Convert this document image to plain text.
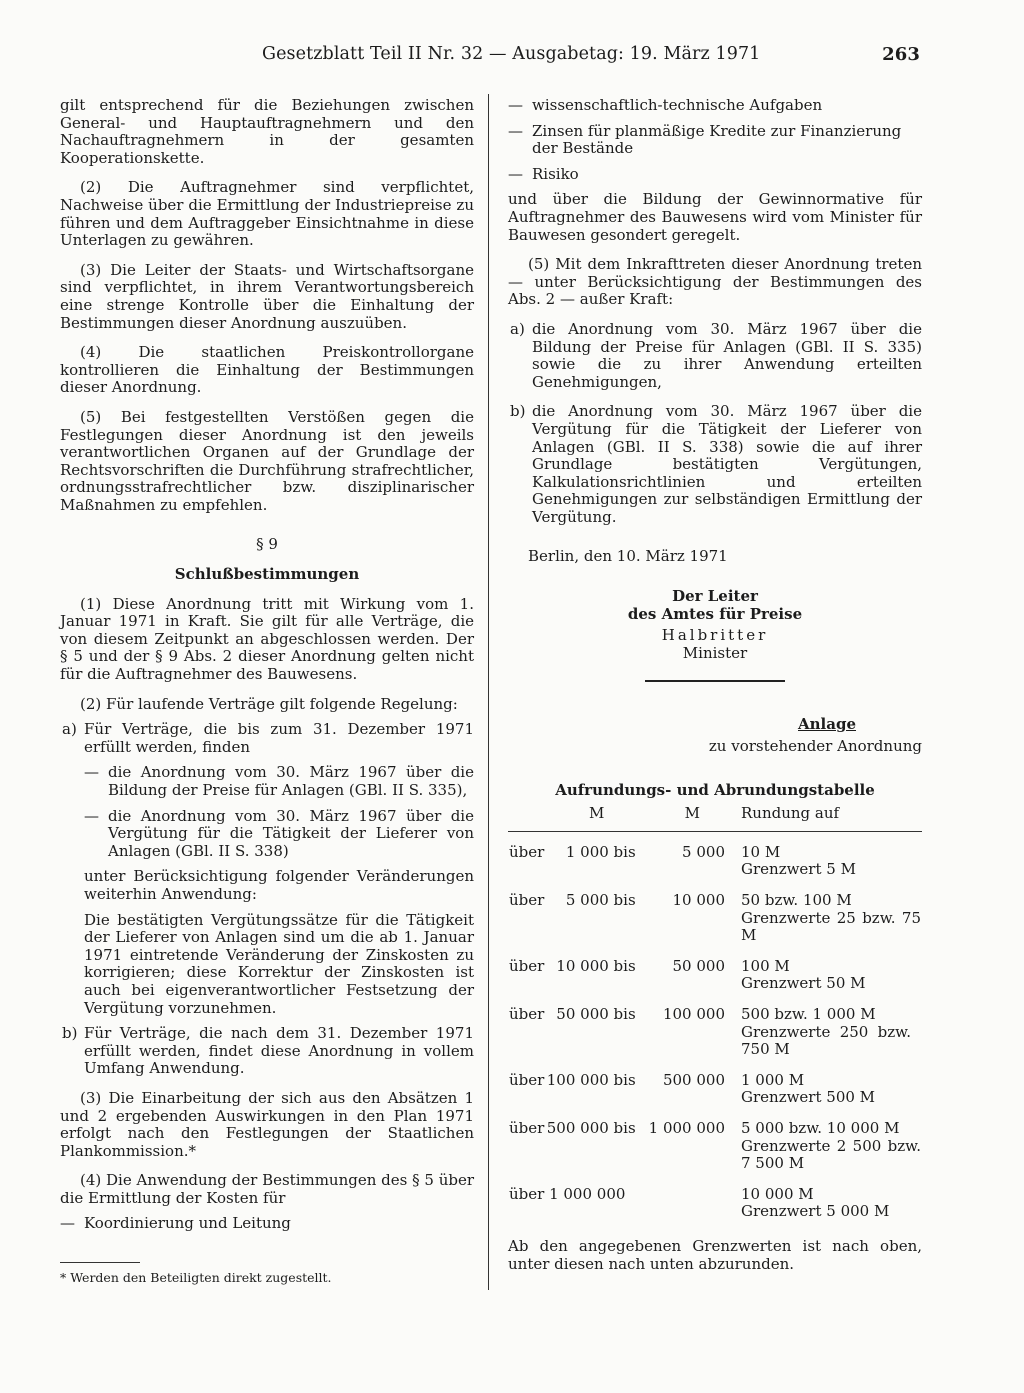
Gesetzblatt Teil II Nr. 32 — Ausgabetag: 19. März 1971	263

gilt entsprechend für die Beziehungen zwischen General- und Hauptauftragnehmern und den Nachauftragnehmern in der gesamten Kooperationskette.

(2) Die Auftragnehmer sind verpflichtet, Nachweise über die Ermittlung der Industriepreise zu führen und dem Auftraggeber Einsichtnahme in diese Unterlagen zu gewähren.

(3) Die Leiter der Staats- und Wirtschaftsorgane sind verpflichtet, in ihrem Verantwortungsbereich eine strenge Kontrolle über die Einhaltung der Bestimmungen dieser Anordnung auszuüben.

(4) Die staatlichen Preiskontrollorgane kontrollieren die Einhaltung der Bestimmungen dieser Anordnung.

(5) Bei festgestellten Verstößen gegen die Festlegungen dieser Anordnung ist den jeweils verantwortlichen Organen auf der Grundlage der Rechtsvorschriften die Durchführung strafrechtlicher, ordnungsstrafrechtlicher bzw. disziplinarischer Maßnahmen zu empfehlen.

§ 9

Schlußbestimmungen

(1) Diese Anordnung tritt mit Wirkung vom 1. Januar 1971 in Kraft. Sie gilt für alle Verträge, die von diesem Zeitpunkt an abgeschlossen werden. Der § 5 und der § 9 Abs. 2 dieser Anordnung gelten nicht für die Auftragnehmer des Bauwesens.

(2) Für laufende Verträge gilt folgende Regelung:

a) Für Verträge, die bis zum 31. Dezember 1971 erfüllt werden, finden
— die Anordnung vom 30. März 1967 über die Bildung der Preise für Anlagen (GBl. II S. 335),
— die Anordnung vom 30. März 1967 über die Vergütung für die Tätigkeit der Lieferer von Anlagen (GBl. II S. 338)

unter Berücksichtigung folgender Veränderungen weiterhin Anwendung:

Die bestätigten Vergütungssätze für die Tätigkeit der Lieferer von Anlagen sind um die ab 1. Januar 1971 eintretende Veränderung der Zinskosten zu korrigieren; diese Korrektur der Zinskosten ist auch bei eigenverantwortlicher Festsetzung der Vergütung vorzunehmen.

b) Für Verträge, die nach dem 31. Dezember 1971 erfüllt werden, findet diese Anordnung in vollem Umfang Anwendung.

(3) Die Einarbeitung der sich aus den Absätzen 1 und 2 ergebenden Auswirkungen in den Plan 1971 erfolgt nach den Festlegungen der Staatlichen Plankommission.*

(4) Die Anwendung der Bestimmungen des § 5 über die Ermittlung der Kosten für

— Koordinierung und Leitung
* Werden den Beteiligten direkt zugestellt.
— wissenschaftlich-technische Aufgaben
— Zinsen für planmäßige Kredite zur Finanzierung der Bestände
— Risiko

und über die Bildung der Gewinnormative für Auftragnehmer des Bauwesens wird vom Minister für Bauwesen gesondert geregelt.

(5) Mit dem Inkrafttreten dieser Anordnung treten — unter Berücksichtigung der Bestimmungen des Abs. 2 — außer Kraft:

a) die Anordnung vom 30. März 1967 über die Bildung der Preise für Anlagen (GBl. II S. 335) sowie die zu ihrer Anwendung erteilten Genehmigungen,
b) die Anordnung vom 30. März 1967 über die Vergütung für die Tätigkeit der Lieferer von Anlagen (GBl. II S. 338) sowie die auf ihrer Grundlage bestätigten Vergütungen, Kalkulationsrichtlinien und erteilten Genehmigungen zur selbständigen Ermittlung der Vergütung.

Berlin, den 10. März 1971

Der Leiter

des Amtes für Preise

Halbritter

Minister

Anlage

zu vorstehender Anordnung

Aufrundungs- und Abrundungstabelle

	M	M	Rundung auf
über	1 000 bis	5 000	10 M
Grenzwert 5 M

über	5 000 bis	10 000	50 bzw. 100 M
Grenzwerte 25 bzw. 75 M

über	10 000 bis	50 000	100 M
Grenzwert 50 M

über	50 000 bis	100 000	500 bzw. 1 000 M
Grenzwerte 250 bzw. 750 M

über	100 000 bis	500 000	1 000 M
Grenzwert 500 M

über	500 000 bis	1 000 000	5 000 bzw. 10 000 M
Grenzwerte 2 500 bzw. 7 500 M

über 1 000 000			10 000 M
Grenzwert 5 000 M

Ab den angegebenen Grenzwerten ist nach oben, unter diesen nach unten abzurunden.
